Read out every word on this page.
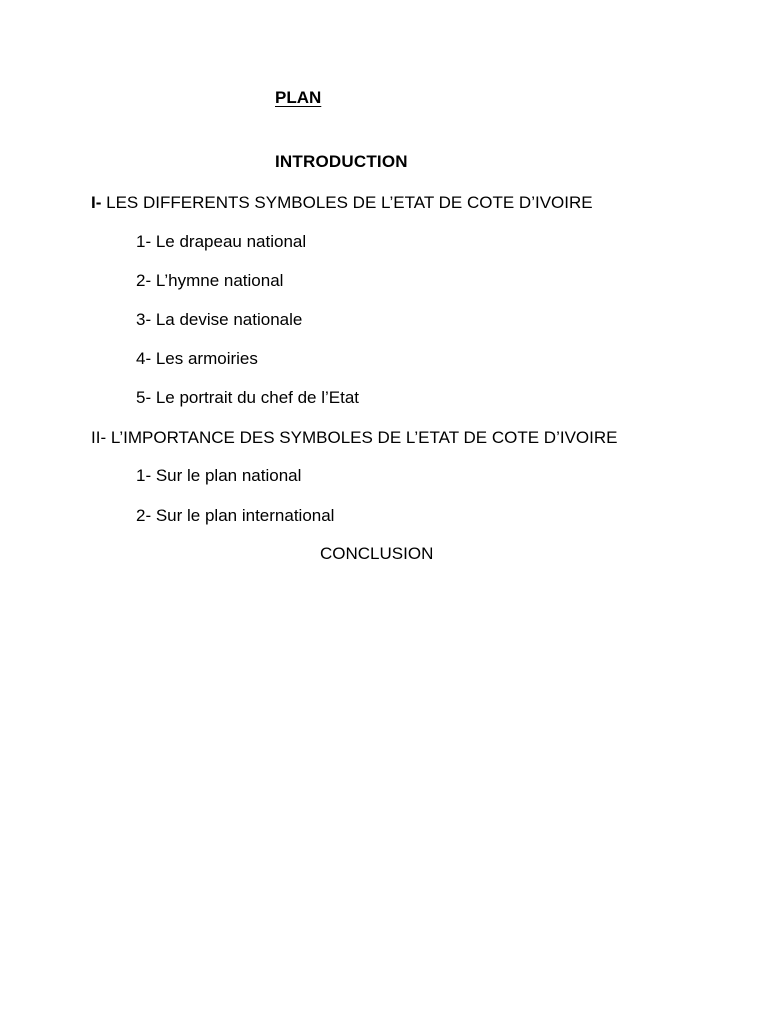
PLAN
INTRODUCTION
I- LES DIFFERENTS SYMBOLES DE L’ETAT DE COTE D’IVOIRE
1- Le drapeau national
2- L’hymne national
3- La devise nationale
4- Les armoiries
5- Le portrait du chef de l’Etat
II- L’IMPORTANCE DES SYMBOLES DE L’ETAT DE COTE D’IVOIRE
1- Sur le plan national
2- Sur le plan international
CONCLUSION
